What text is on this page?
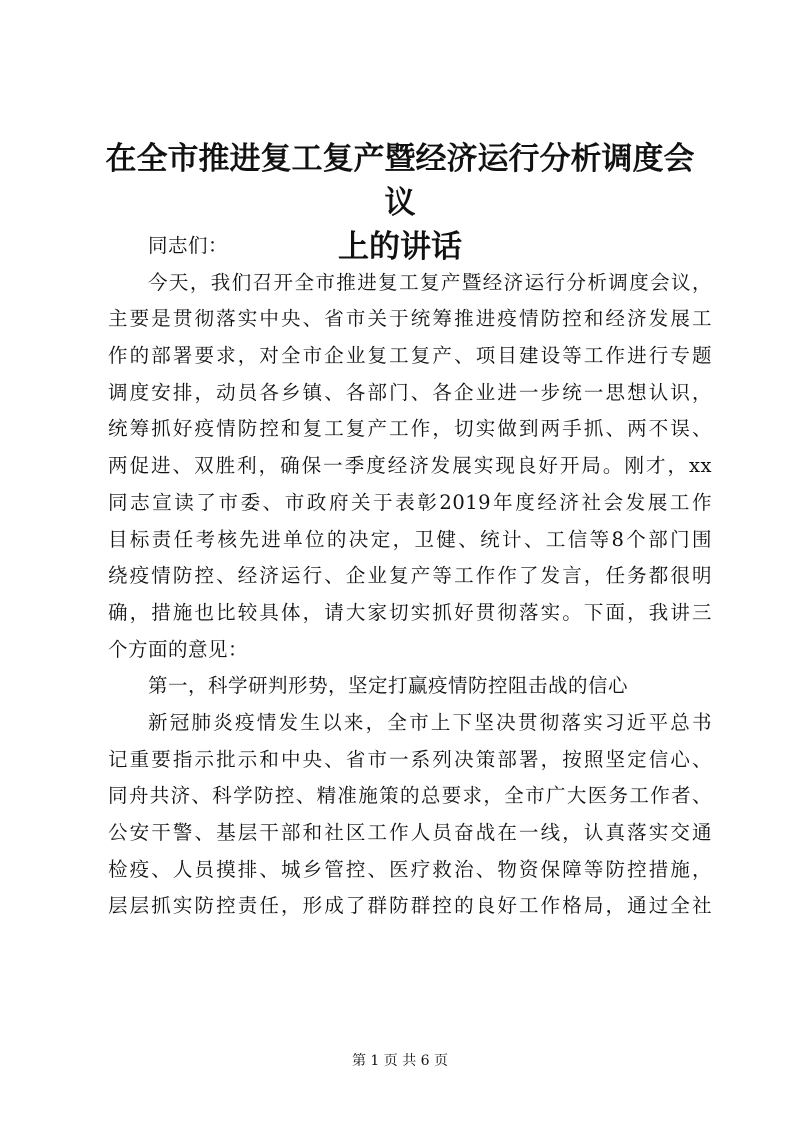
在全市推进复工复产暨经济运行分析调度会议
上的讲话
同志们：
今天，我们召开全市推进复工复产暨经济运行分析调度会议，
主要是贯彻落实中央、省市关于统筹推进疫情防控和经济发展工
作的部署要求，对全市企业复工复产、项目建设等工作进行专题
调度安排，动员各乡镇、各部门、各企业进一步统一思想认识，
统筹抓好疫情防控和复工复产工作，切实做到两手抓、两不误、
两促进、双胜利，确保一季度经济发展实现良好开局。刚才，xx
同志宣读了市委、市政府关于表彰2019年度经济社会发展工作
目标责任考核先进单位的决定，卫健、统计、工信等8个部门围
绕疫情防控、经济运行、企业复产等工作作了发言，任务都很明
确，措施也比较具体，请大家切实抓好贯彻落实。下面，我讲三
个方面的意见：
第一，科学研判形势，坚定打赢疫情防控阻击战的信心
新冠肺炎疫情发生以来，全市上下坚决贯彻落实习近平总书
记重要指示批示和中央、省市一系列决策部署，按照坚定信心、
同舟共济、科学防控、精准施策的总要求，全市广大医务工作者、
公安干警、基层干部和社区工作人员奋战在一线，认真落实交通
检疫、人员摸排、城乡管控、医疗救治、物资保障等防控措施，
层层抓实防控责任，形成了群防群控的良好工作格局，通过全社
第 1 页 共 6 页
